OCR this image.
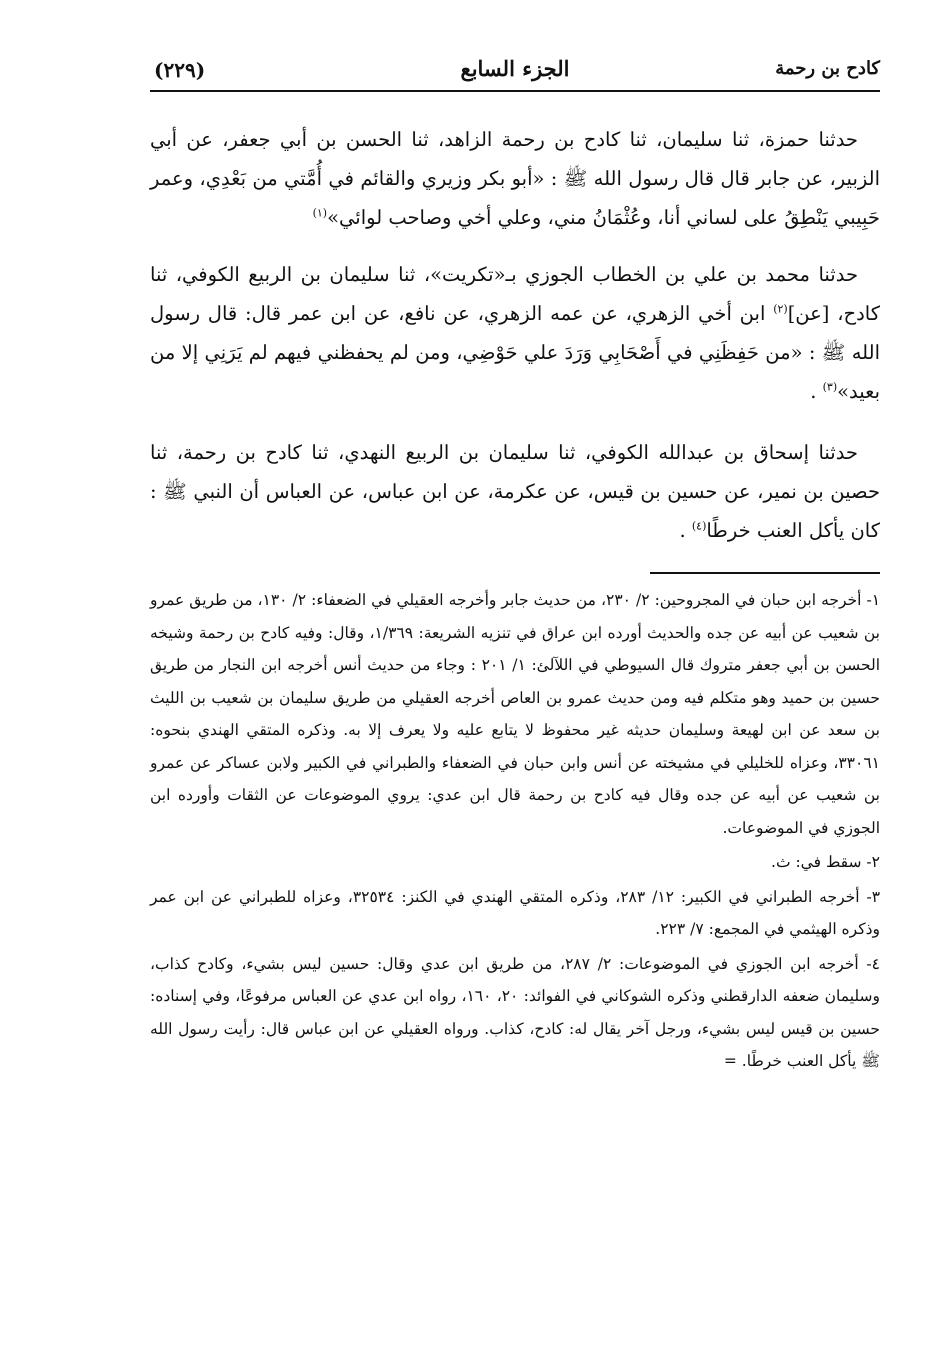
كادح بن رحمة
الجزء السابع
(٢٢٩)

حدثنا حمزة، ثنا سليمان، ثنا كادح بن رحمة الزاهد، ثنا الحسن بن أبي جعفر، عن أبي الزبير، عن جابر قال قال رسول الله ﷺ : «أبو بكر وزيري والقائم في أُمَّتي من بَعْدِي، وعمر حَبِيبي يَنْطِقُ على لساني أنا، وعُثْمَانُ مني، وعلي أخي وصاحب لوائي»$^{(١)}$

حدثنا محمد بن علي بن الخطاب الجوزي بـ«تكريت»، ثنا سليمان بن الربيع الكوفي، ثنا كادح، [عن]$^{(٢)}$ ابن أخي الزهري، عن عمه الزهري، عن نافع، عن ابن عمر قال: قال رسول الله ﷺ : «من حَفِظَنِي في أَصْحَابِي وَرَدَ علي حَوْضِي، ومن لم يحفظني فيهم لم يَرَنِي إلا من بعيد»$^{(٣)}$ .

حدثنا إسحاق بن عبدالله الكوفي، ثنا سليمان بن الربيع النهدي، ثنا كادح بن رحمة، ثنا حصين بن نمير، عن حسين بن قيس، عن عكرمة، عن ابن عباس، عن العباس أن النبي ﷺ : كان يأكل العنب خرطًا$^{(٤)}$ .

١- أخرجه ابن حبان في المجروحين: ٢/ ٢٣٠، من حديث جابر وأخرجه العقيلي في الضعفاء: ٢/ ١٣٠، من طريق عمرو بن شعيب عن أبيه عن جده والحديث أورده ابن عراق في تنزيه الشريعة: ١/٣٦٩، وقال: وفيه كادح بن رحمة وشيخه الحسن بن أبي جعفر متروك قال السيوطي في اللآلئ: ١/ ٢٠١ : وجاء من حديث أنس أخرجه ابن النجار من طريق حسين بن حميد وهو متكلم فيه ومن حديث عمرو بن العاص أخرجه العقيلي من طريق سليمان بن شعيب بن الليث بن سعد عن ابن لهيعة وسليمان حديثه غير محفوظ لا يتابع عليه ولا يعرف إلا به. وذكره المتقي الهندي بنحوه: ٣٣٠٦١، وعزاه للخليلي في مشيخته عن أنس وابن حبان في الضعفاء والطبراني في الكبير ولابن عساكر عن عمرو بن شعيب عن أبيه عن جده وقال فيه كادح بن رحمة قال ابن عدي: يروي الموضوعات عن الثقات وأورده ابن الجوزي في الموضوعات.
٢- سقط في: ث.
٣- أخرجه الطبراني في الكبير: ١٢/ ٢٨٣، وذكره المتقي الهندي في الكنز: ٣٢٥٣٤، وعزاه للطبراني عن ابن عمر وذكره الهيثمي في المجمع: ٧/ ٢٢٣.
٤- أخرجه ابن الجوزي في الموضوعات: ٢/ ٢٨٧، من طريق ابن عدي وقال: حسين ليس بشيء، وكادح كذاب، وسليمان ضعفه الدارقطني وذكره الشوكاني في الفوائد: ٢٠، ١٦٠، رواه ابن عدي عن العباس مرفوعًا، وفي إسناده: حسين بن قيس ليس بشيء، ورجل آخر يقال له: كادح، كذاب. ورواه العقيلي عن ابن عباس قال: رأيت رسول الله ﷺ يأكل العنب خرطًا. =
